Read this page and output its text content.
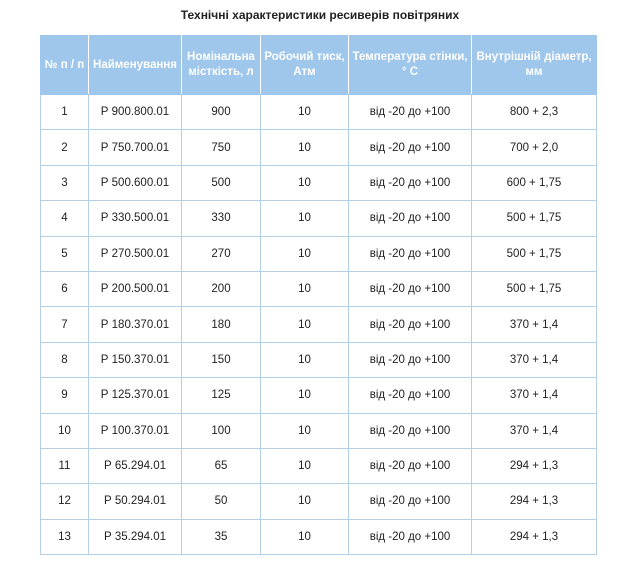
Технічні характеристики ресиверів повітряних
№ п / п	Найменування	Номінальна місткість, л	Робочий тиск, Атм	Температура стінки, ° С	Внутрішній діаметр, мм
1	Р 900.800.01	900	10	від -20 до +100	800 + 2,3
2	Р 750.700.01	750	10	від -20 до +100	700 + 2,0
3	Р 500.600.01	500	10	від -20 до +100	600 + 1,75
4	Р 330.500.01	330	10	від -20 до +100	500 + 1,75
5	Р 270.500.01	270	10	від -20 до +100	500 + 1,75
6	Р 200.500.01	200	10	від -20 до +100	500 + 1,75
7	Р 180.370.01	180	10	від -20 до +100	370 + 1,4
8	Р 150.370.01	150	10	від -20 до +100	370 + 1,4
9	Р 125.370.01	125	10	від -20 до +100	370 + 1,4
10	Р 100.370.01	100	10	від -20 до +100	370 + 1,4
11	Р 65.294.01	65	10	від -20 до +100	294 + 1,3
12	Р 50.294.01	50	10	від -20 до +100	294 + 1,3
13	Р 35.294.01	35	10	від -20 до +100	294 + 1,3
